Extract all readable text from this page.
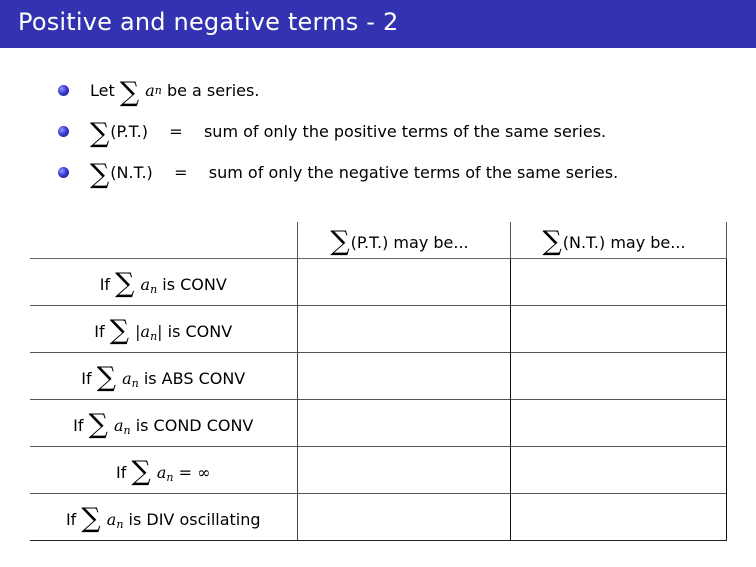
Positive and negative terms - 2
Let
∑
a n
be a series.
∑ (P.T.)	=	sum of only the positive terms of the same series.
∑ (N.T.)	=	sum of only the negative terms of the same series.
	∑(P.T.) may be...	∑(N.T.) may be...
If ∑ $a_n$ is CONV		
If ∑ $|a_n|$ is CONV		
If ∑ $a_n$ is ABS CONV		
If ∑ $a_n$ is COND CONV		
If ∑ $a_n$ = ∞		
If ∑ $a_n$ is DIV oscillating		
